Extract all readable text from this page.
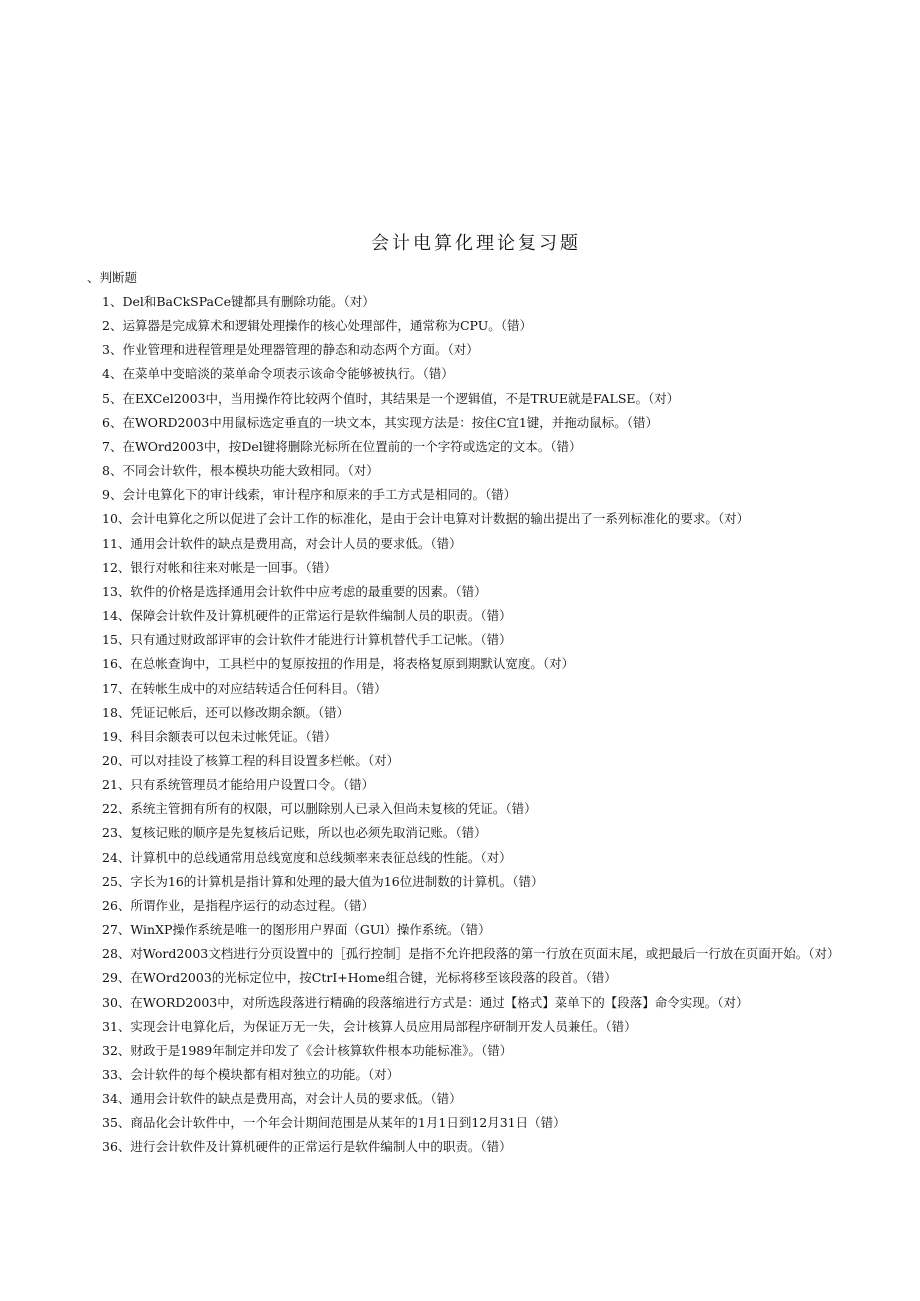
会计电算化理论复习题
、判断题
1、Del和BaCkSPaCe键都具有删除功能。（对）
2、运算器是完成算术和逻辑处理操作的核心处理部件，通常称为CPU。（错）
3、作业管理和进程管理是处理器管理的静态和动态两个方面。（对）
4、在菜单中变暗淡的菜单命令项表示该命令能够被执行。（错）
5、在EXCel2003中，当用操作符比较两个值时，其结果是一个逻辑值，不是TRUE就是FALSE。（对）
6、在WORD2003中用鼠标选定垂直的一块文本，其实现方法是：按住C宜1键，并拖动鼠标。（错）
7、在WOrd2003中，按Del键将删除光标所在位置前的一个字符或选定的文本。（错）
8、不同会计软件，根本模块功能大致相同。（对）
9、会计电算化下的审计线索，审计程序和原来的手工方式是相同的。（错）
10、会计电算化之所以促进了会计工作的标准化，是由于会计电算对计数据的输出提出了一系列标准化的要求。（对）
11、通用会计软件的缺点是费用高，对会计人员的要求低。（错）
12、银行对帐和往来对帐是一回事。（错）
13、软件的价格是选择通用会计软件中应考虑的最重要的因素。（错）
14、保障会计软件及计算机硬件的正常运行是软件编制人员的职责。（错）
15、只有通过财政部评审的会计软件才能进行计算机替代手工记帐。（错）
16、在总帐查询中，工具栏中的复原按扭的作用是，将表格复原到期默认宽度。（对）
17、在转帐生成中的对应结转适合任何科目。（错）
18、凭证记帐后，还可以修改期余额。（错）
19、科目余额表可以包未过帐凭证。（错）
20、可以对挂设了核算工程的科目设置多栏帐。（对）
21、只有系统管理员才能给用户设置口令。（错）
22、系统主管拥有所有的权限，可以删除别人已录入但尚未复核的凭证。（错）
23、复核记账的顺序是先复核后记账，所以也必须先取消记账。（错）
24、计算机中的总线通常用总线宽度和总线频率来表征总线的性能。（对）
25、字长为16的计算机是指计算和处理的最大值为16位进制数的计算机。（错）
26、所谓作业，是指程序运行的动态过程。（错）
27、WinXP操作系统是唯一的图形用户界面（GUl）操作系统。（错）
28、对Word2003文档进行分页设置中的［孤行控制］是指不允许把段落的第一行放在页面末尾，或把最后一行放在页面开始。（对）
29、在WOrd2003的光标定位中，按CtrI+Home组合键，光标将移至该段落的段首。（错）
30、在WORD2003中，对所选段落进行精确的段落缩进行方式是：通过【格式】菜单下的【段落】命令实现。（对）
31、实现会计电算化后，为保证万无一失，会计核算人员应用局部程序研制开发人员兼任。（错）
32、财政于是1989年制定并印发了《会计核算软件根本功能标准》。（错）
33、会计软件的每个模块都有相对独立的功能。（对）
34、通用会计软件的缺点是费用高，对会计人员的要求低。（错）
35、商品化会计软件中，一个年会计期间范围是从某年的1月1日到12月31日（错）
36、进行会计软件及计算机硬件的正常运行是软件编制人中的职责。（错）
